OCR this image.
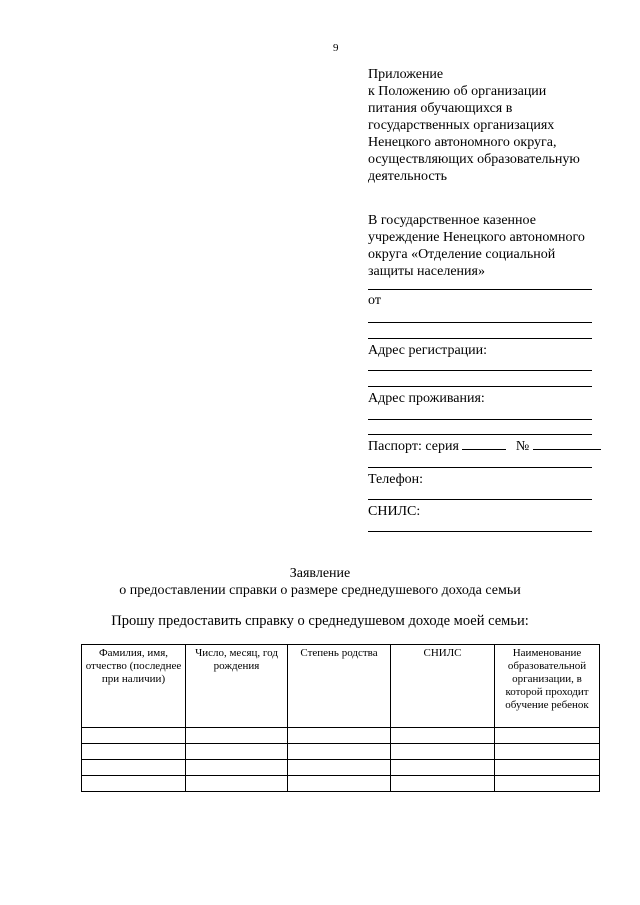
9
Приложение
к Положению об организации
питания обучающихся в
государственных организациях
Ненецкого автономного округа,
осуществляющих образовательную
деятельность
В государственное казенное
учреждение Ненецкого автономного
округа «Отделение социальной
защиты населения»
от
Адрес регистрации:
Адрес проживания:
Паспорт: серия	№
Телефон:
СНИЛС:
Заявление
о предоставлении справки о размере среднедушевого дохода семьи
Прошу предоставить справку о среднедушевом доходе моей семьи:
Фамилия, имя, отчество (последнее при наличии)	Число, месяц, год рождения	Степень родства	СНИЛС	Наименование образовательной организации, в которой проходит обучение ребенок
